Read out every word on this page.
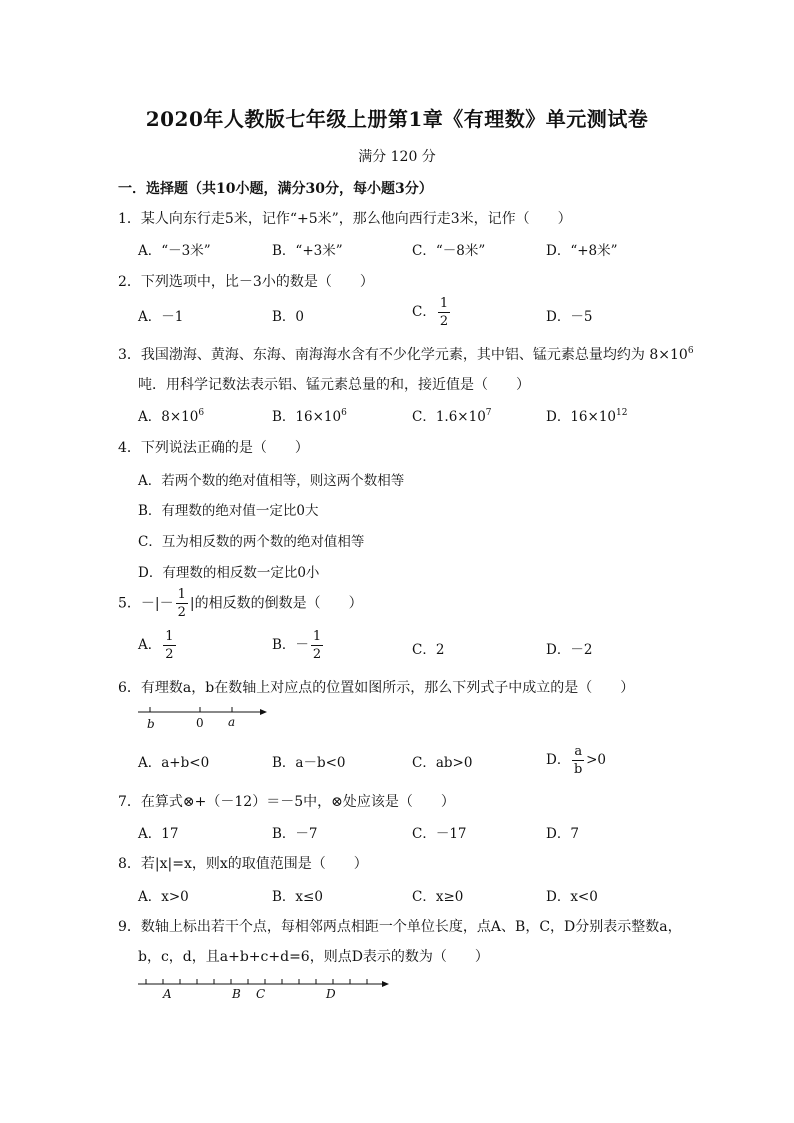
2020年人教版七年级上册第1章《有理数》单元测试卷
满分 120 分
一．选择题（共10小题，满分30分，每小题3分）
1．某人向东行走5米，记作“+5米”，那么他向西行走3米，记作（　　）
A．“－3米”	B．“+3米”	C．“－8米”	D．“+8米”
2．下列选项中，比－3小的数是（　　）
A．－1	B．0	C． $\frac{1}{2}$	D．－5
3．我国渤海、黄海、东海、南海海水含有不少化学元素，其中铝、锰元素总量均约为 $8\times 10^6$
吨．用科学记数法表示铝、锰元素总量的和，接近值是（　　）
A．$8\times 10^6$	B．$16\times 10^6$	C．$1.6\times 10^7$	D．$16\times 10^{12}$
4．下列说法正确的是（　　）
A．若两个数的绝对值相等，则这两个数相等
B．有理数的绝对值一定比0大
C．互为相反数的两个数的绝对值相等
D．有理数的相反数一定比0小
5．－|－ $\frac{1}{2}$ |的相反数的倒数是（　　）
A． $\frac{1}{2}$	B．－ $\frac{1}{2}$	C．2	D．－2
6．有理数a，b在数轴上对应点的位置如图所示，那么下列式子中成立的是（　　）
b	0 a
A．a+b<0	B．a－b<0	C．ab>0	D． $\frac{a}{b} >0$
7．在算式⊗+（－12）＝－5中，⊗处应该是（　　）
A．17	B．－7	C．－17	D．7
8．若|x|=x，则x的取值范围是（　　）
A．x>0	B．x≤0	C．x≥0	D．x<0
9．数轴上标出若干个点，每相邻两点相距一个单位长度，点A、B，C，D分别表示整数a，
b，c，d，且a+b+c+d=6，则点D表示的数为（　　）
A	B C	D
